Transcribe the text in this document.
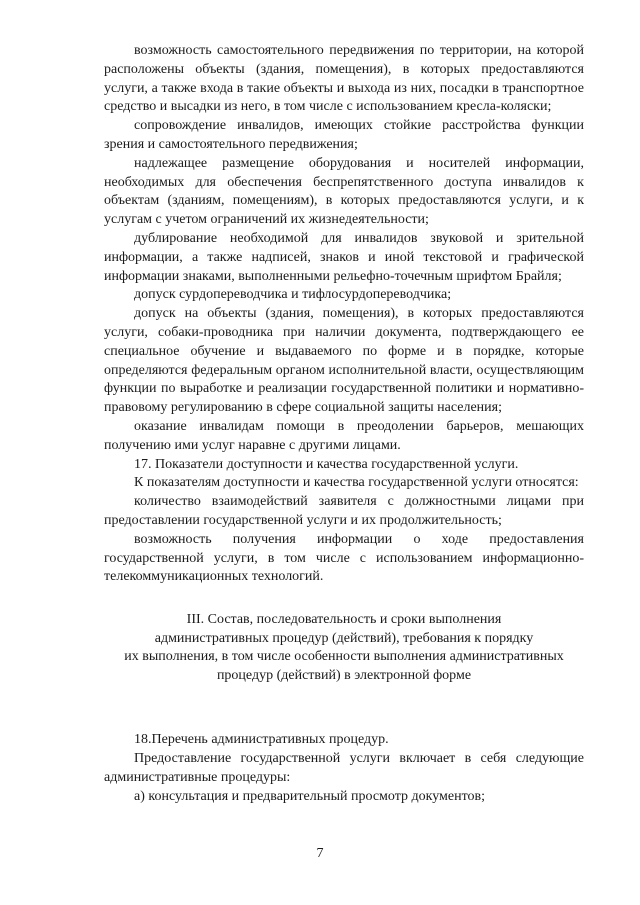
возможность самостоятельного передвижения по территории, на которой расположены объекты (здания, помещения), в которых предоставляются услуги, а также входа в такие объекты и выхода из них, посадки в транспортное средство и высадки из него, в том числе с использованием кресла-коляски;

сопровождение инвалидов, имеющих стойкие расстройства функции зрения и самостоятельного передвижения;

надлежащее размещение оборудования и носителей информации, необходимых для обеспечения беспрепятственного доступа инвалидов к объектам (зданиям, помещениям), в которых предоставляются услуги, и к услугам с учетом ограничений их жизнедеятельности;

дублирование необходимой для инвалидов звуковой и зрительной информации, а также надписей, знаков и иной текстовой и графической информации знаками, выполненными рельефно-точечным шрифтом Брайля;

допуск сурдопереводчика и тифлосурдопереводчика;

допуск на объекты (здания, помещения), в которых предоставляются услуги, собаки-проводника при наличии документа, подтверждающего ее специальное обучение и выдаваемого по форме и в порядке, которые определяются федеральным органом исполнительной власти, осуществляющим функции по выработке и реализации государственной политики и нормативно-правовому регулированию в сфере социальной защиты населения;

оказание инвалидам помощи в преодолении барьеров, мешающих получению ими услуг наравне с другими лицами.

17. Показатели доступности и качества государственной услуги.

К показателям доступности и качества государственной услуги относятся:

количество взаимодействий заявителя с должностными лицами при предоставлении государственной услуги и их продолжительность;

возможность получения информации о ходе предоставления государственной услуги, в том числе с использованием информационно-телекоммуникационных технологий.

III. Состав, последовательность и сроки выполнения
административных процедур (действий), требования к порядку
их выполнения, в том числе особенности выполнения административных
процедур (действий) в электронной форме

18.Перечень административных процедур.

Предоставление государственной услуги включает в себя следующие административные процедуры:

а) консультация и предварительный просмотр документов;

7
